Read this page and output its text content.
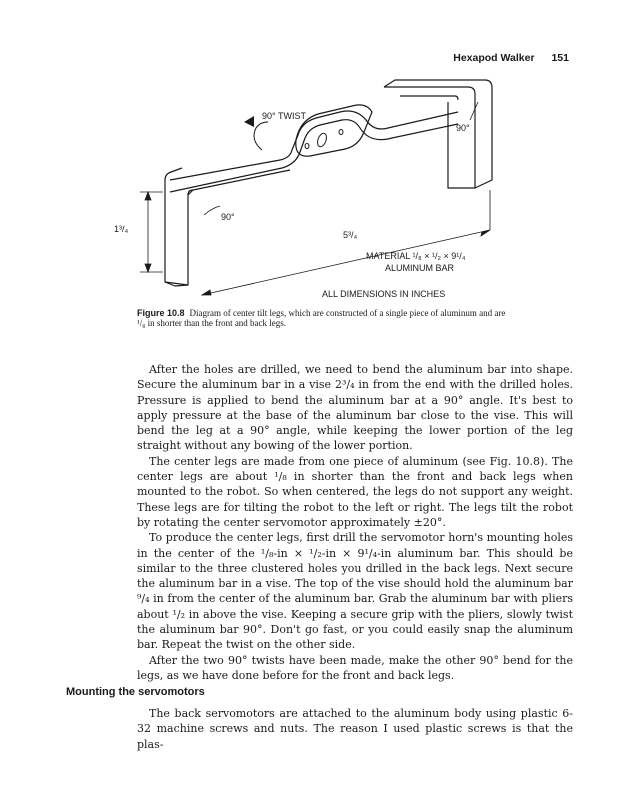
Hexapod Walker 151
90° TWIST
90°
90°
1³/₄
5³/₄
MATERIAL ¹/₈ × ¹/₂ × 9¹/₄
ALUMINUM BAR
ALL DIMENSIONS IN INCHES
Figure 10.8 Diagram of center tilt legs, which are constructed of a single piece of aluminum and are ¹/₈ in shorter than the front and back legs.

After the holes are drilled, we need to bend the aluminum bar into shape. Secure the aluminum bar in a vise 2³/₄ in from the end with the drilled holes. Pressure is applied to bend the aluminum bar at a 90° angle. It's best to apply pressure at the base of the aluminum bar close to the vise. This will bend the leg at a 90° angle, while keeping the lower portion of the leg straight without any bowing of the lower portion.

The center legs are made from one piece of aluminum (see Fig. 10.8). The center legs are about ¹/₈ in shorter than the front and back legs when mounted to the robot. So when centered, the legs do not support any weight. These legs are for tilting the robot to the left or right. The legs tilt the robot by rotating the center servomotor approximately ±20°.

To produce the center legs, first drill the servomotor horn's mounting holes in the center of the ¹/₈-in × ¹/₂-in × 9¹/₄-in aluminum bar. This should be similar to the three clustered holes you drilled in the back legs. Next secure the aluminum bar in a vise. The top of the vise should hold the aluminum bar ⁹/₄ in from the center of the aluminum bar. Grab the aluminum bar with pliers about ¹/₂ in above the vise. Keeping a secure grip with the pliers, slowly twist the aluminum bar 90°. Don't go fast, or you could easily snap the aluminum bar. Repeat the twist on the other side.

After the two 90° twists have been made, make the other 90° bend for the legs, as we have done before for the front and back legs.

Mounting the servomotors

The back servomotors are attached to the aluminum body using plastic 6-32 machine screws and nuts. The reason I used plastic screws is that the plas-
